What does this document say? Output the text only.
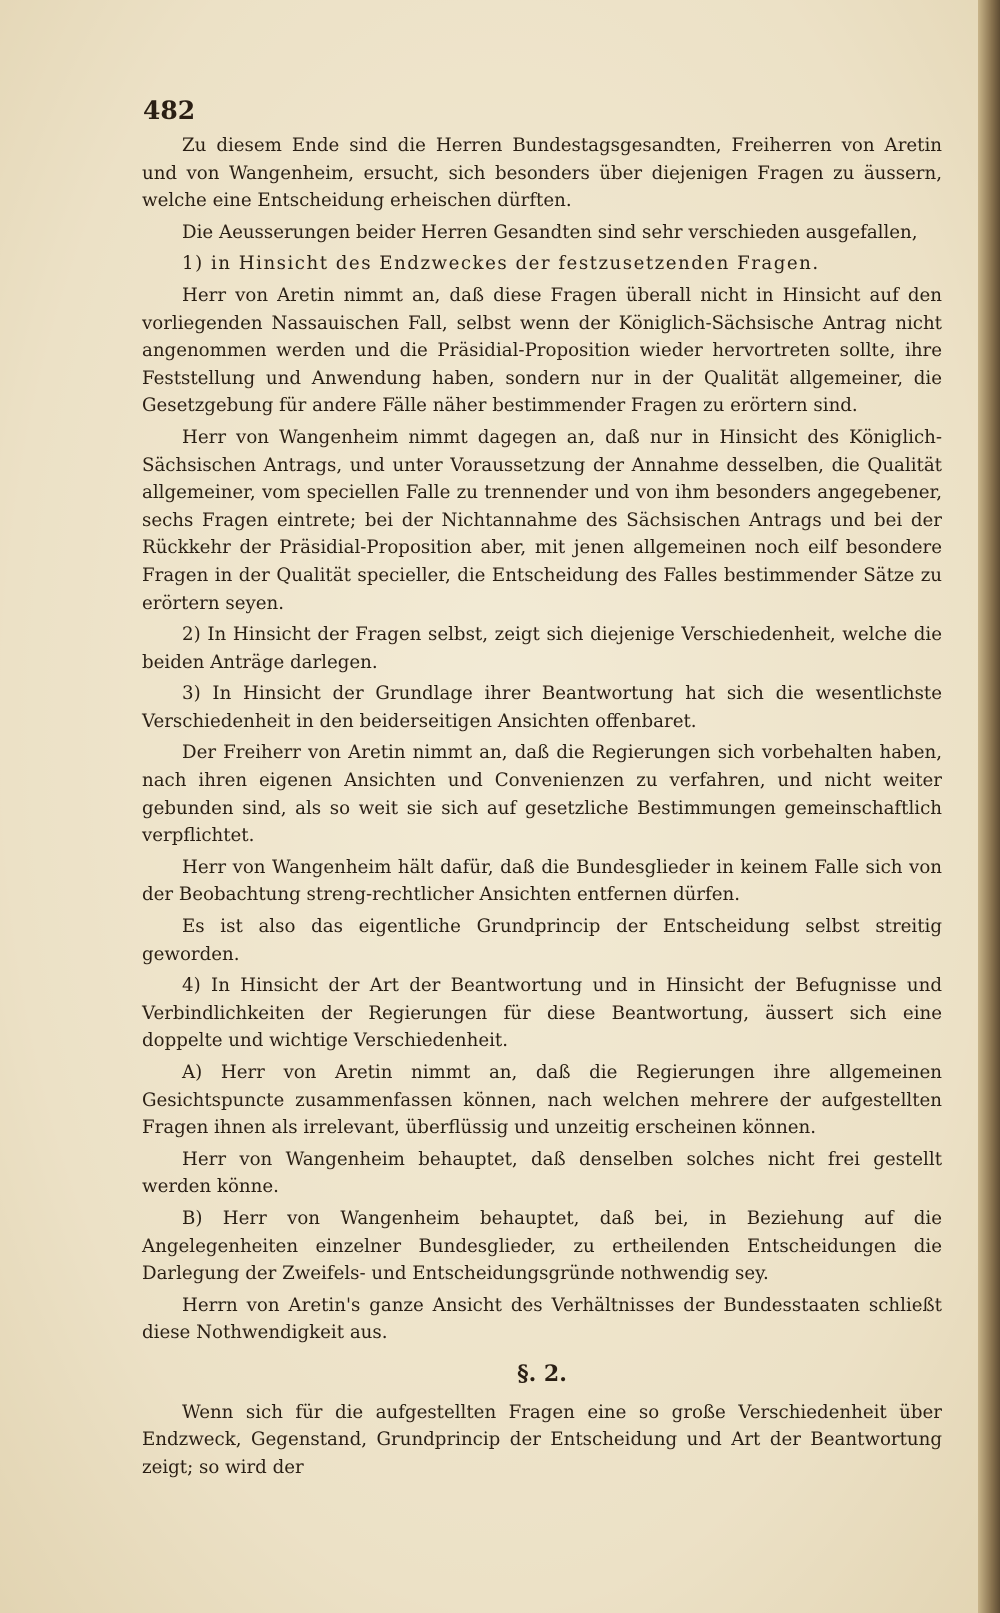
482

Zu diesem Ende sind die Herren Bundestagsgesandten, Freiherren von Aretin und von Wangenheim, ersucht, sich besonders über diejenigen Fragen zu äussern, welche eine Entscheidung erheischen dürften.

Die Aeusserungen beider Herren Gesandten sind sehr verschieden ausgefallen,

1) in Hinsicht des Endzweckes der festzusetzenden Fragen.

Herr von Aretin nimmt an, daß diese Fragen überall nicht in Hinsicht auf den vorliegenden Nassauischen Fall, selbst wenn der Königlich-Sächsische Antrag nicht angenommen werden und die Präsidial-Proposition wieder hervortreten sollte, ihre Feststellung und Anwendung haben, sondern nur in der Qualität allgemeiner, die Gesetzgebung für andere Fälle näher bestimmender Fragen zu erörtern sind.

Herr von Wangenheim nimmt dagegen an, daß nur in Hinsicht des Königlich-Sächsischen Antrags, und unter Voraussetzung der Annahme desselben, die Qualität allgemeiner, vom speciellen Falle zu trennender und von ihm besonders angegebener, sechs Fragen eintrete; bei der Nichtannahme des Sächsischen Antrags und bei der Rückkehr der Präsidial-Proposition aber, mit jenen allgemeinen noch eilf besondere Fragen in der Qualität specieller, die Entscheidung des Falles bestimmender Sätze zu erörtern seyen.

2) In Hinsicht der Fragen selbst, zeigt sich diejenige Verschiedenheit, welche die beiden Anträge darlegen.

3) In Hinsicht der Grundlage ihrer Beantwortung hat sich die wesentlichste Verschiedenheit in den beiderseitigen Ansichten offenbaret.

Der Freiherr von Aretin nimmt an, daß die Regierungen sich vorbehalten haben, nach ihren eigenen Ansichten und Convenienzen zu verfahren, und nicht weiter gebunden sind, als so weit sie sich auf gesetzliche Bestimmungen gemeinschaftlich verpflichtet.

Herr von Wangenheim hält dafür, daß die Bundesglieder in keinem Falle sich von der Beobachtung streng-rechtlicher Ansichten entfernen dürfen.

Es ist also das eigentliche Grundprincip der Entscheidung selbst streitig geworden.

4) In Hinsicht der Art der Beantwortung und in Hinsicht der Befugnisse und Verbindlichkeiten der Regierungen für diese Beantwortung, äussert sich eine doppelte und wichtige Verschiedenheit.

A) Herr von Aretin nimmt an, daß die Regierungen ihre allgemeinen Gesichtspuncte zusammenfassen können, nach welchen mehrere der aufgestellten Fragen ihnen als irrelevant, überflüssig und unzeitig erscheinen können.

Herr von Wangenheim behauptet, daß denselben solches nicht frei gestellt werden könne.

B) Herr von Wangenheim behauptet, daß bei, in Beziehung auf die Angelegenheiten einzelner Bundesglieder, zu ertheilenden Entscheidungen die Darlegung der Zweifels- und Entscheidungsgründe nothwendig sey.

Herrn von Aretin's ganze Ansicht des Verhältnisses der Bundesstaaten schließt diese Nothwendigkeit aus.

§. 2.

Wenn sich für die aufgestellten Fragen eine so große Verschiedenheit über Endzweck, Gegenstand, Grundprincip der Entscheidung und Art der Beantwortung zeigt; so wird der
